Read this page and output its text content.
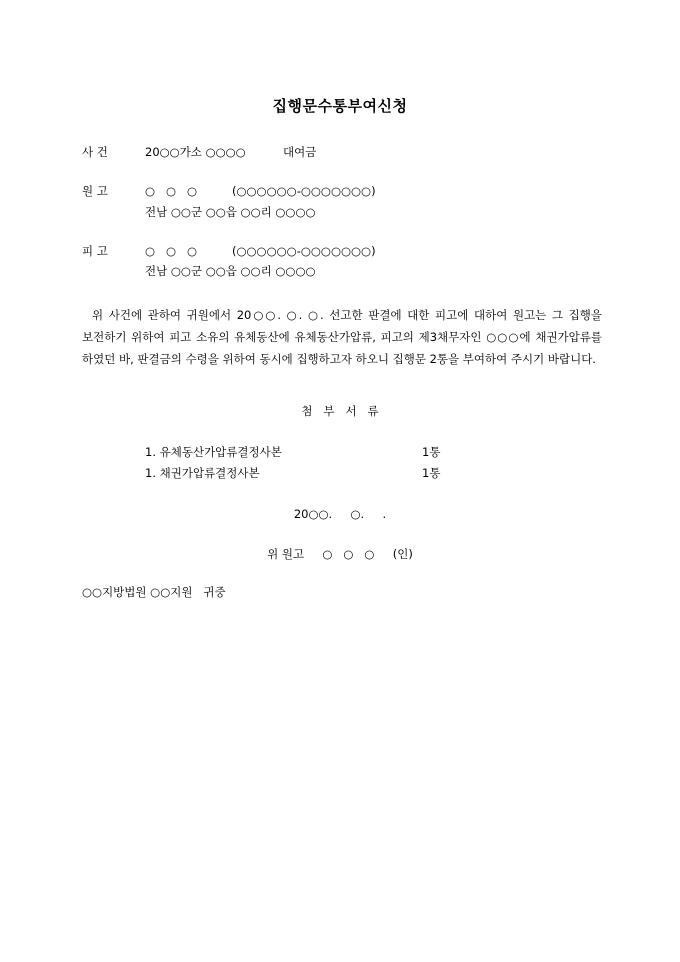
집행문수통부여신청
사 건	20○○가소 ○○○○	대여금
원 고	○   ○   ○	(○○○○○○-○○○○○○○)
전남 ○○군 ○○읍 ○○리 ○○○○
피 고	○   ○   ○	(○○○○○○-○○○○○○○)
전남 ○○군 ○○읍 ○○리 ○○○○
위 사건에 관하여 귀원에서 20○○. ○. ○. 선고한 판결에 대한 피고에 대하여 원고는 그 집행을 보전하기 위하여 피고 소유의 유체동산에 유체동산가압류, 피고의 제3채무자인 ○○○에 채권가압류를 하였던 바, 판결금의 수령을 위하여 동시에 집행하고자 하오니 집행문 2통을 부여하여 주시기 바랍니다.
첨   부   서   류
1. 유체동산가압류결정사본	1통
1. 채권가압류결정사본	1통
20○○.     ○.     .
위 원고     ○   ○   ○     (인)
○○지방법원 ○○지원   귀중
